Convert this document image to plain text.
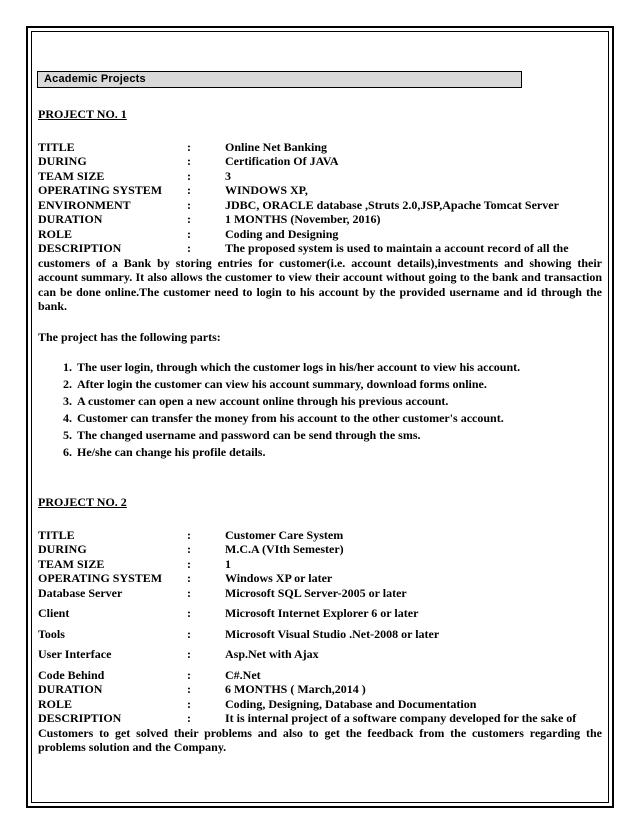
Academic Projects
PROJECT NO. 1
TITLE	:	Online Net Banking
DURING	:	Certification Of JAVA
TEAM SIZE	:	3
OPERATING SYSTEM	:	WINDOWS XP,
ENVIRONMENT	:	JDBC, ORACLE database ,Struts 2.0,JSP,Apache Tomcat Server
DURATION	:	1 MONTHS (November, 2016)
ROLE	:	Coding and Designing
DESCRIPTION	:	The proposed system is used to maintain a account record of all the
customers of a Bank by storing entries for customer(i.e. account details),investments and showing their account summary. It also allows the customer to view their account without going to the bank and transaction can be done online.The customer need to login to his account by the provided username and id through the bank.
The project has the following parts:
1. The user login, through which the customer logs in his/her account to view his account.
2. After login the customer can view his account summary, download forms online.
3. A customer can open a new account online through his previous account.
4. Customer can transfer the money from his account to the other customer's account.
5. The changed username and password can be send through the sms.
6. He/she can change his profile details.
PROJECT NO. 2
TITLE	:	Customer Care System
DURING	:	M.C.A (VIth Semester)
TEAM SIZE	:	1
OPERATING SYSTEM	:	Windows XP or later
Database Server	:	Microsoft SQL Server-2005 or later
Client	:	Microsoft Internet Explorer 6 or later
Tools	:	Microsoft Visual Studio .Net-2008 or later
User Interface	:	Asp.Net with Ajax
Code Behind	:	C#.Net
DURATION	:	6 MONTHS ( March,2014 )
ROLE	:	Coding, Designing, Database and Documentation
DESCRIPTION	:	It is internal project of a software company developed for the sake of
Customers to get solved their problems and also to get the feedback from the customers regarding the problems solution and the Company.
